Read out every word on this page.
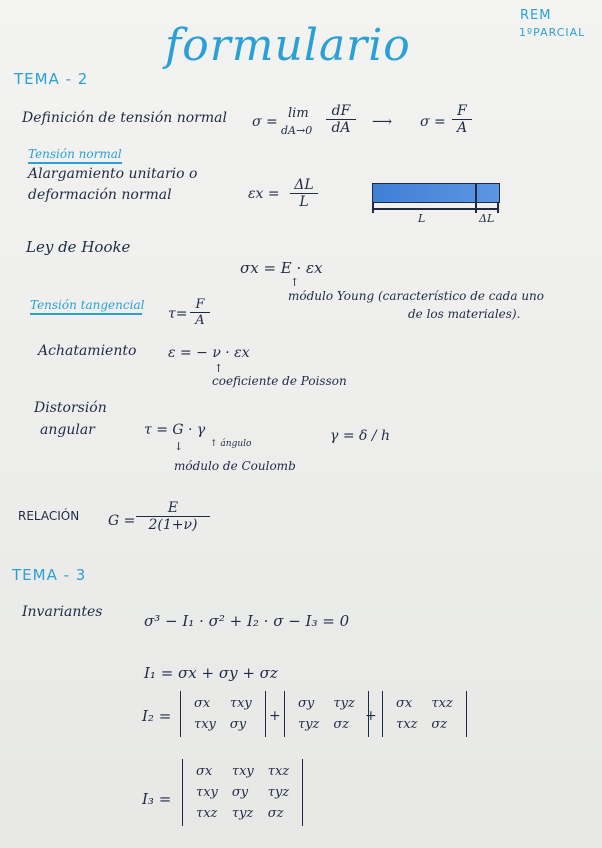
REM
1ºPARCIAL
formulario
TEMA - 2
Definición de tensión normal σ =
lim
$dA\to 0 \frac{dF}{dA}$ ⟶ $\sigma = \frac{F}{A}$
Tensión normal
Alargamiento unitario o
deformación normal	$\varepsilon x = \frac{\Delta L}{L}$
L	ΔL
Ley de Hooke
σx = E · εx
↑
módulo Young (característico de cada uno
de los materiales).
Tensión tangencial
$\tau= \frac{F}{A}$
Achatamiento ε = − ν · εx
↑
coeficiente de Poisson
Distorsión
angular	τ = G · γ
↓	↑ ángulo
módulo de Coulomb
γ = δ / h
RELACIÓN $G = \frac{E}{2(1+\nu)}$
TEMA - 3
Invariantes	σ³ − I₁ · σ² + I₂ · σ − I₃ = 0
I₁ = σx + σy + σz
I₂ =
σx	τxy
τxy	σy
+
σy	τyz
τyz	σz
+
σx	τxz
τxz	σz
I₃ =
σx	τxy	τxz
τxy	σy	τyz
τxz	τyz	σz
